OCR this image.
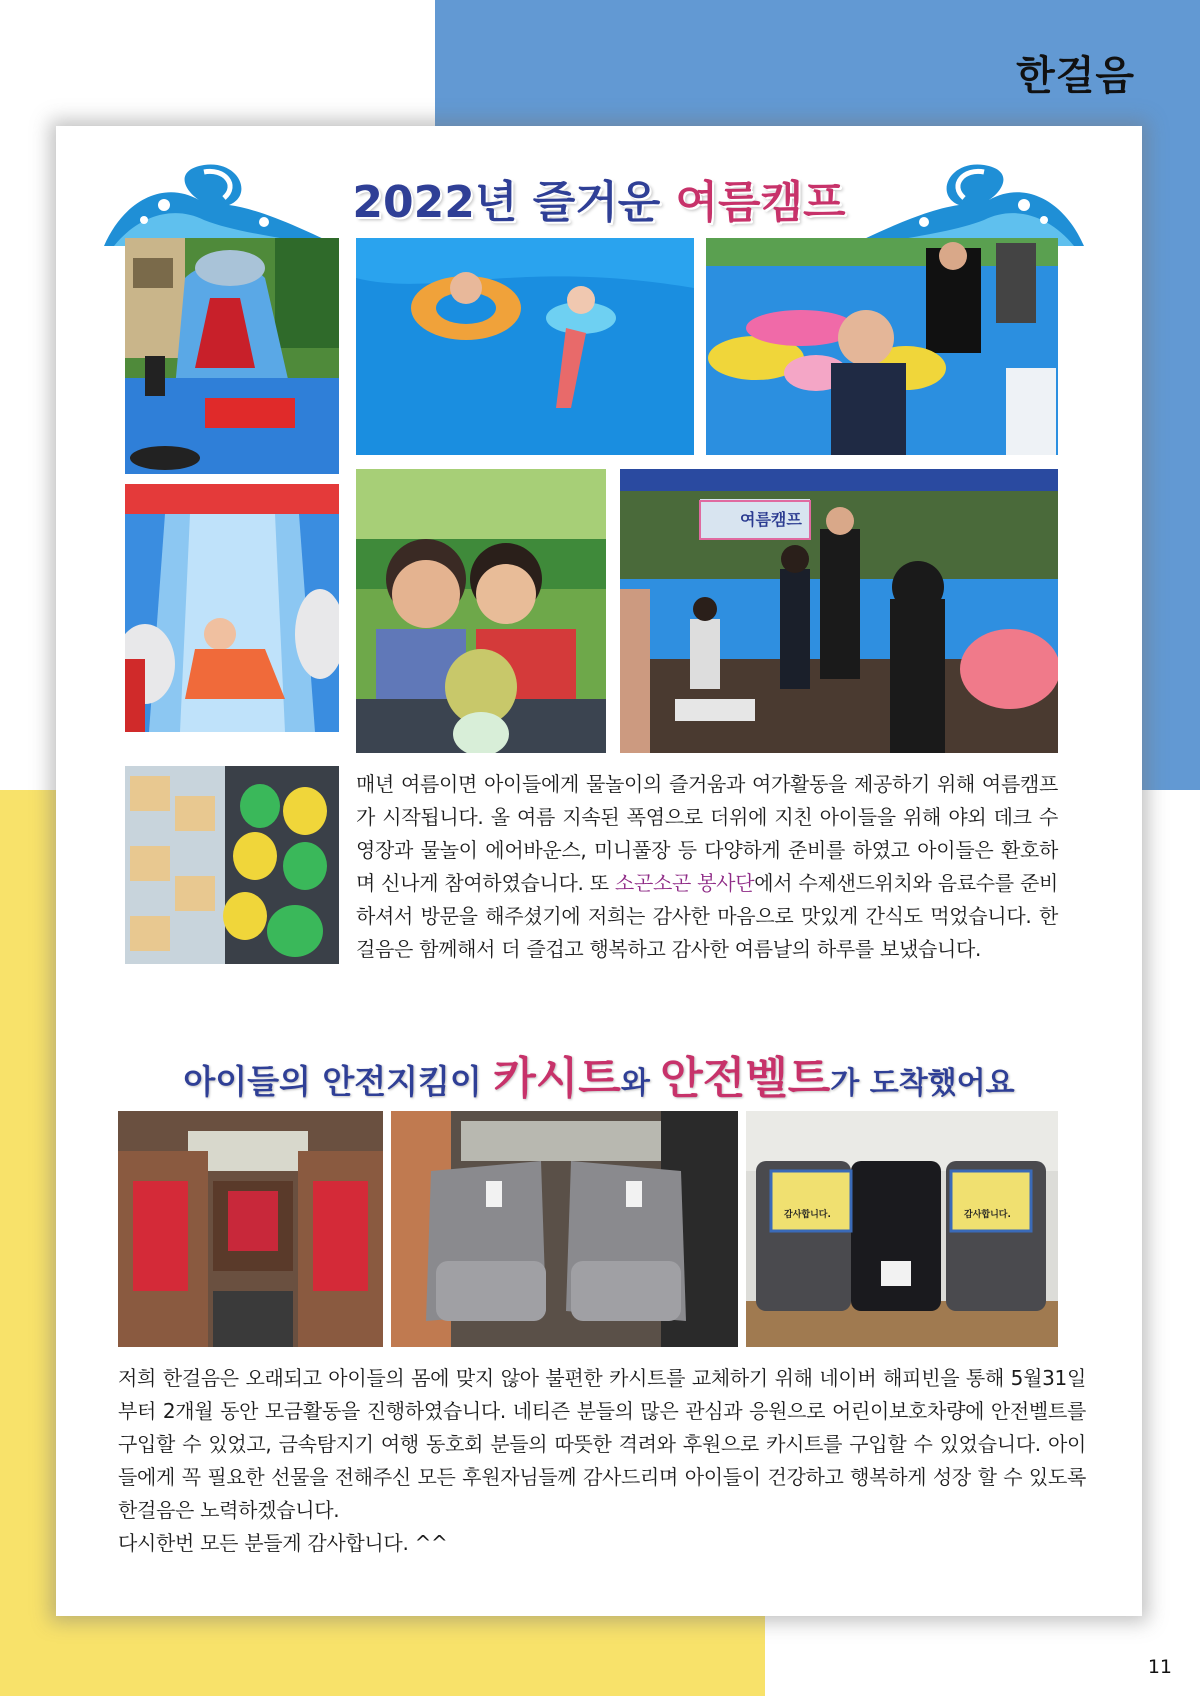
한걸음
2022년 즐거운 여름캠프
여름캠프

매년 여름이면 아이들에게 물놀이의 즐거움과 여가활동을 제공하기 위해 여름캠프가 시작됩니다. 올 여름 지속된 폭염으로 더위에 지친 아이들을 위해 야외 데크 수영장과 물놀이 에어바운스, 미니풀장 등 다양하게 준비를 하였고 아이들은 환호하며 신나게 참여하였습니다. 또 소곤소곤 봉사단에서 수제샌드위치와 음료수를 준비하셔서 방문을 해주셨기에 저희는 감사한 마음으로 맛있게 간식도 먹었습니다. 한걸음은 함께해서 더 즐겁고 행복하고 감사한 여름날의 하루를 보냈습니다.

아이들의 안전지킴이 카시트와 안전벨트가 도착했어요
감사합니다.	감사합니다.

저희 한걸음은 오래되고 아이들의 몸에 맞지 않아 불편한 카시트를 교체하기 위해 네이버 해피빈을 통해 5월31일부터 2개월 동안 모금활동을 진행하였습니다. 네티즌 분들의 많은 관심과 응원으로 어린이보호차량에 안전벨트를 구입할 수 있었고, 금속탐지기 여행 동호회 분들의 따뜻한 격려와 후원으로 카시트를 구입할 수 있었습니다. 아이들에게 꼭 필요한 선물을 전해주신 모든 후원자님들께 감사드리며 아이들이 건강하고 행복하게 성장 할 수 있도록 한걸음은 노력하겠습니다.
다시한번 모든 분들게 감사합니다. ^^

11
